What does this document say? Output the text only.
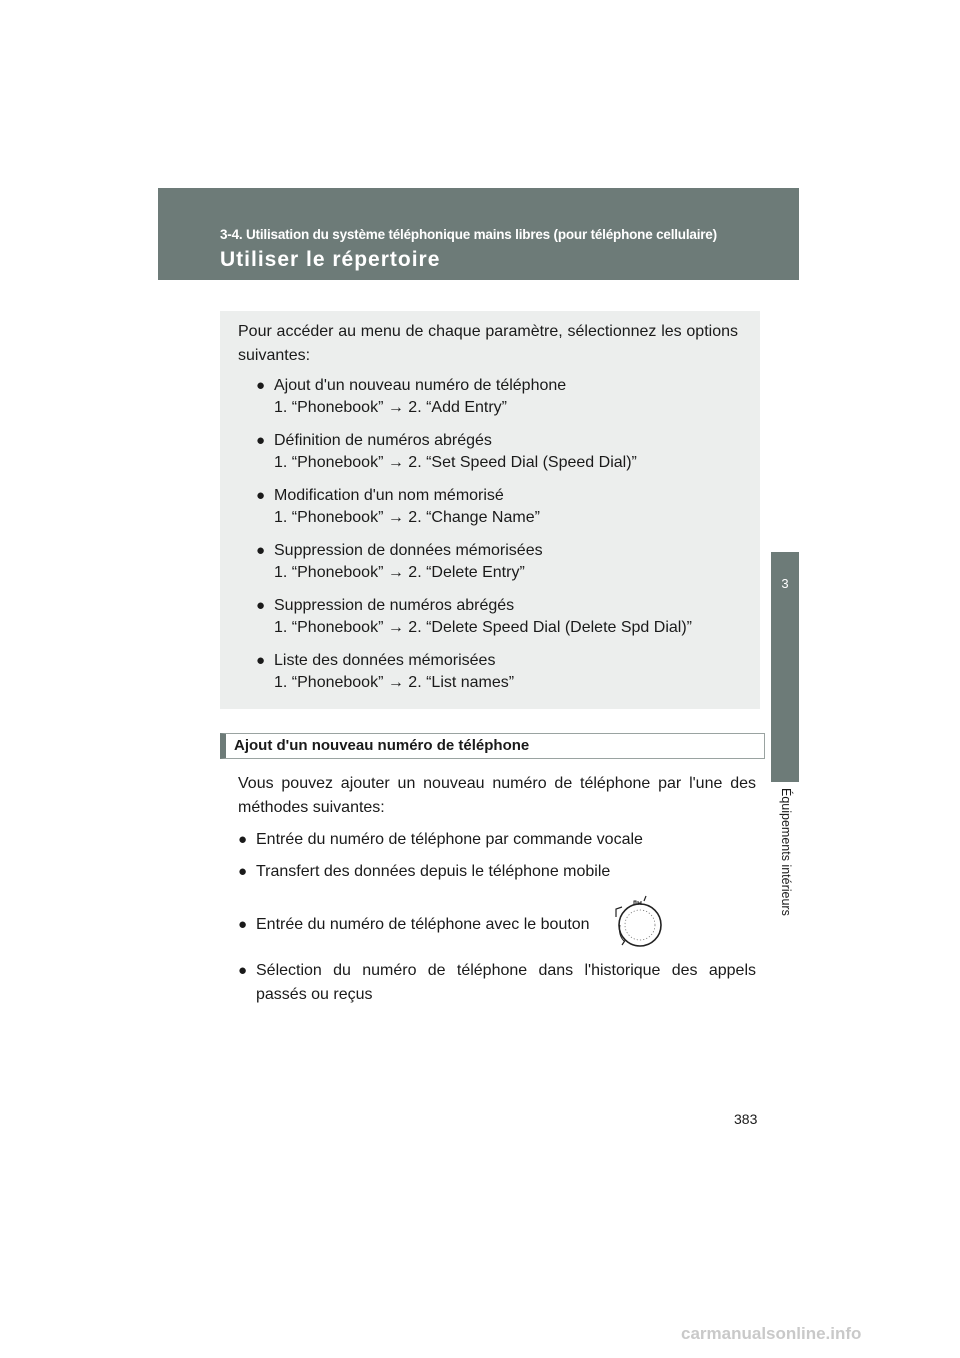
3-4. Utilisation du système téléphonique mains libres (pour téléphone cellulaire)
Utiliser le répertoire
3
Équipements intérieurs
Pour accéder au menu de chaque paramètre, sélectionnez les options suivantes:
● Ajout d'un nouveau numéro de téléphone
1. “Phonebook” → 2. “Add Entry”
● Définition de numéros abrégés
1. “Phonebook” → 2. “Set Speed Dial (Speed Dial)”
● Modification d'un nom mémorisé
1. “Phonebook” → 2. “Change Name”
● Suppression de données mémorisées
1. “Phonebook” → 2. “Delete Entry”
● Suppression de numéros abrégés
1. “Phonebook” → 2. “Delete Speed Dial (Delete Spd Dial)”
● Liste des données mémorisées
1. “Phonebook” → 2. “List names”
Ajout d'un nouveau numéro de téléphone
Vous pouvez ajouter un nouveau numéro de téléphone par l'une des méthodes suivantes:
● Entrée du numéro de téléphone par commande vocale
● Transfert des données depuis le téléphone mobile
● Entrée du numéro de téléphone avec le bouton
● Sélection du numéro de téléphone dans l'historique des appels passés ou reçus
383
carmanualsonline.info
